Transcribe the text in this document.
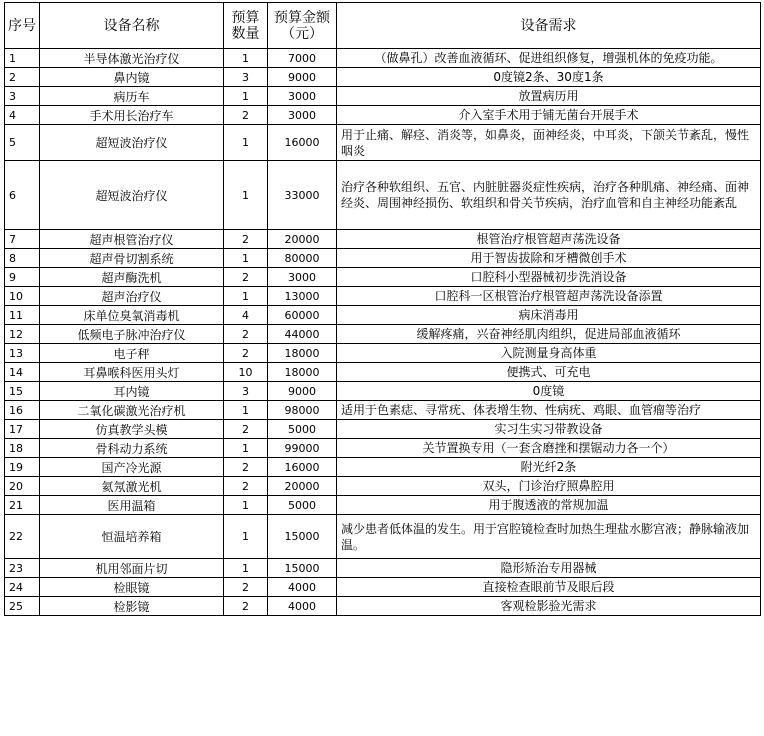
序号	设备名称	预算数量	预算金额（元）	设备需求
1	半导体激光治疗仪	1	7000	（做鼻孔）改善血液循环、促进组织修复，增强机体的免疫功能。
2	鼻内镜	3	9000	0度镜2条、30度1条
3	病历车	1	3000	放置病历用
4	手术用长治疗车	2	3000	介入室手术用于铺无菌台开展手术
5	超短波治疗仪	1	16000	用于止痛、解痉、消炎等，如鼻炎，面神经炎，中耳炎，下颌关节紊乱，慢性咽炎
6	超短波治疗仪	1	33000	治疗各种软组织、五官、内脏脏器炎症性疾病，治疗各种肌痛、神经痛、面神经炎、周围神经损伤、软组织和骨关节疾病，治疗血管和自主神经功能紊乱
7	超声根管治疗仪	2	20000	根管治疗根管超声荡洗设备
8	超声骨切割系统	1	80000	用于智齿拔除和牙槽微创手术
9	超声酶洗机	2	3000	口腔科小型器械初步洗消设备
10	超声治疗仪	1	13000	口腔科一区根管治疗根管超声荡洗设备添置
11	床单位臭氧消毒机	4	60000	病床消毒用
12	低频电子脉冲治疗仪	2	44000	缓解疼痛，兴奋神经肌肉组织，促进局部血液循环
13	电子秤	2	18000	入院测量身高体重
14	耳鼻喉科医用头灯	10	18000	便携式、可充电
15	耳内镜	3	9000	0度镜
16	二氧化碳激光治疗机	1	98000	适用于色素痣、寻常疣、体表增生物、性病疣、鸡眼、血管瘤等治疗
17	仿真教学头模	2	5000	实习生实习带教设备
18	骨科动力系统	1	99000	关节置换专用（一套含磨挫和摆锯动力各一个）
19	国产冷光源	2	16000	附光纤2条
20	氦氖激光机	2	20000	双头，门诊治疗照鼻腔用
21	医用温箱	1	5000	用于腹透液的常规加温
22	恒温培养箱	1	15000	减少患者低体温的发生。用于宫腔镜检查时加热生理盐水膨宫液；静脉输液加温。
23	机用邻面片切	1	15000	隐形矫治专用器械
24	检眼镜	2	4000	直接检查眼前节及眼后段
25	检影镜	2	4000	客观检影验光需求
